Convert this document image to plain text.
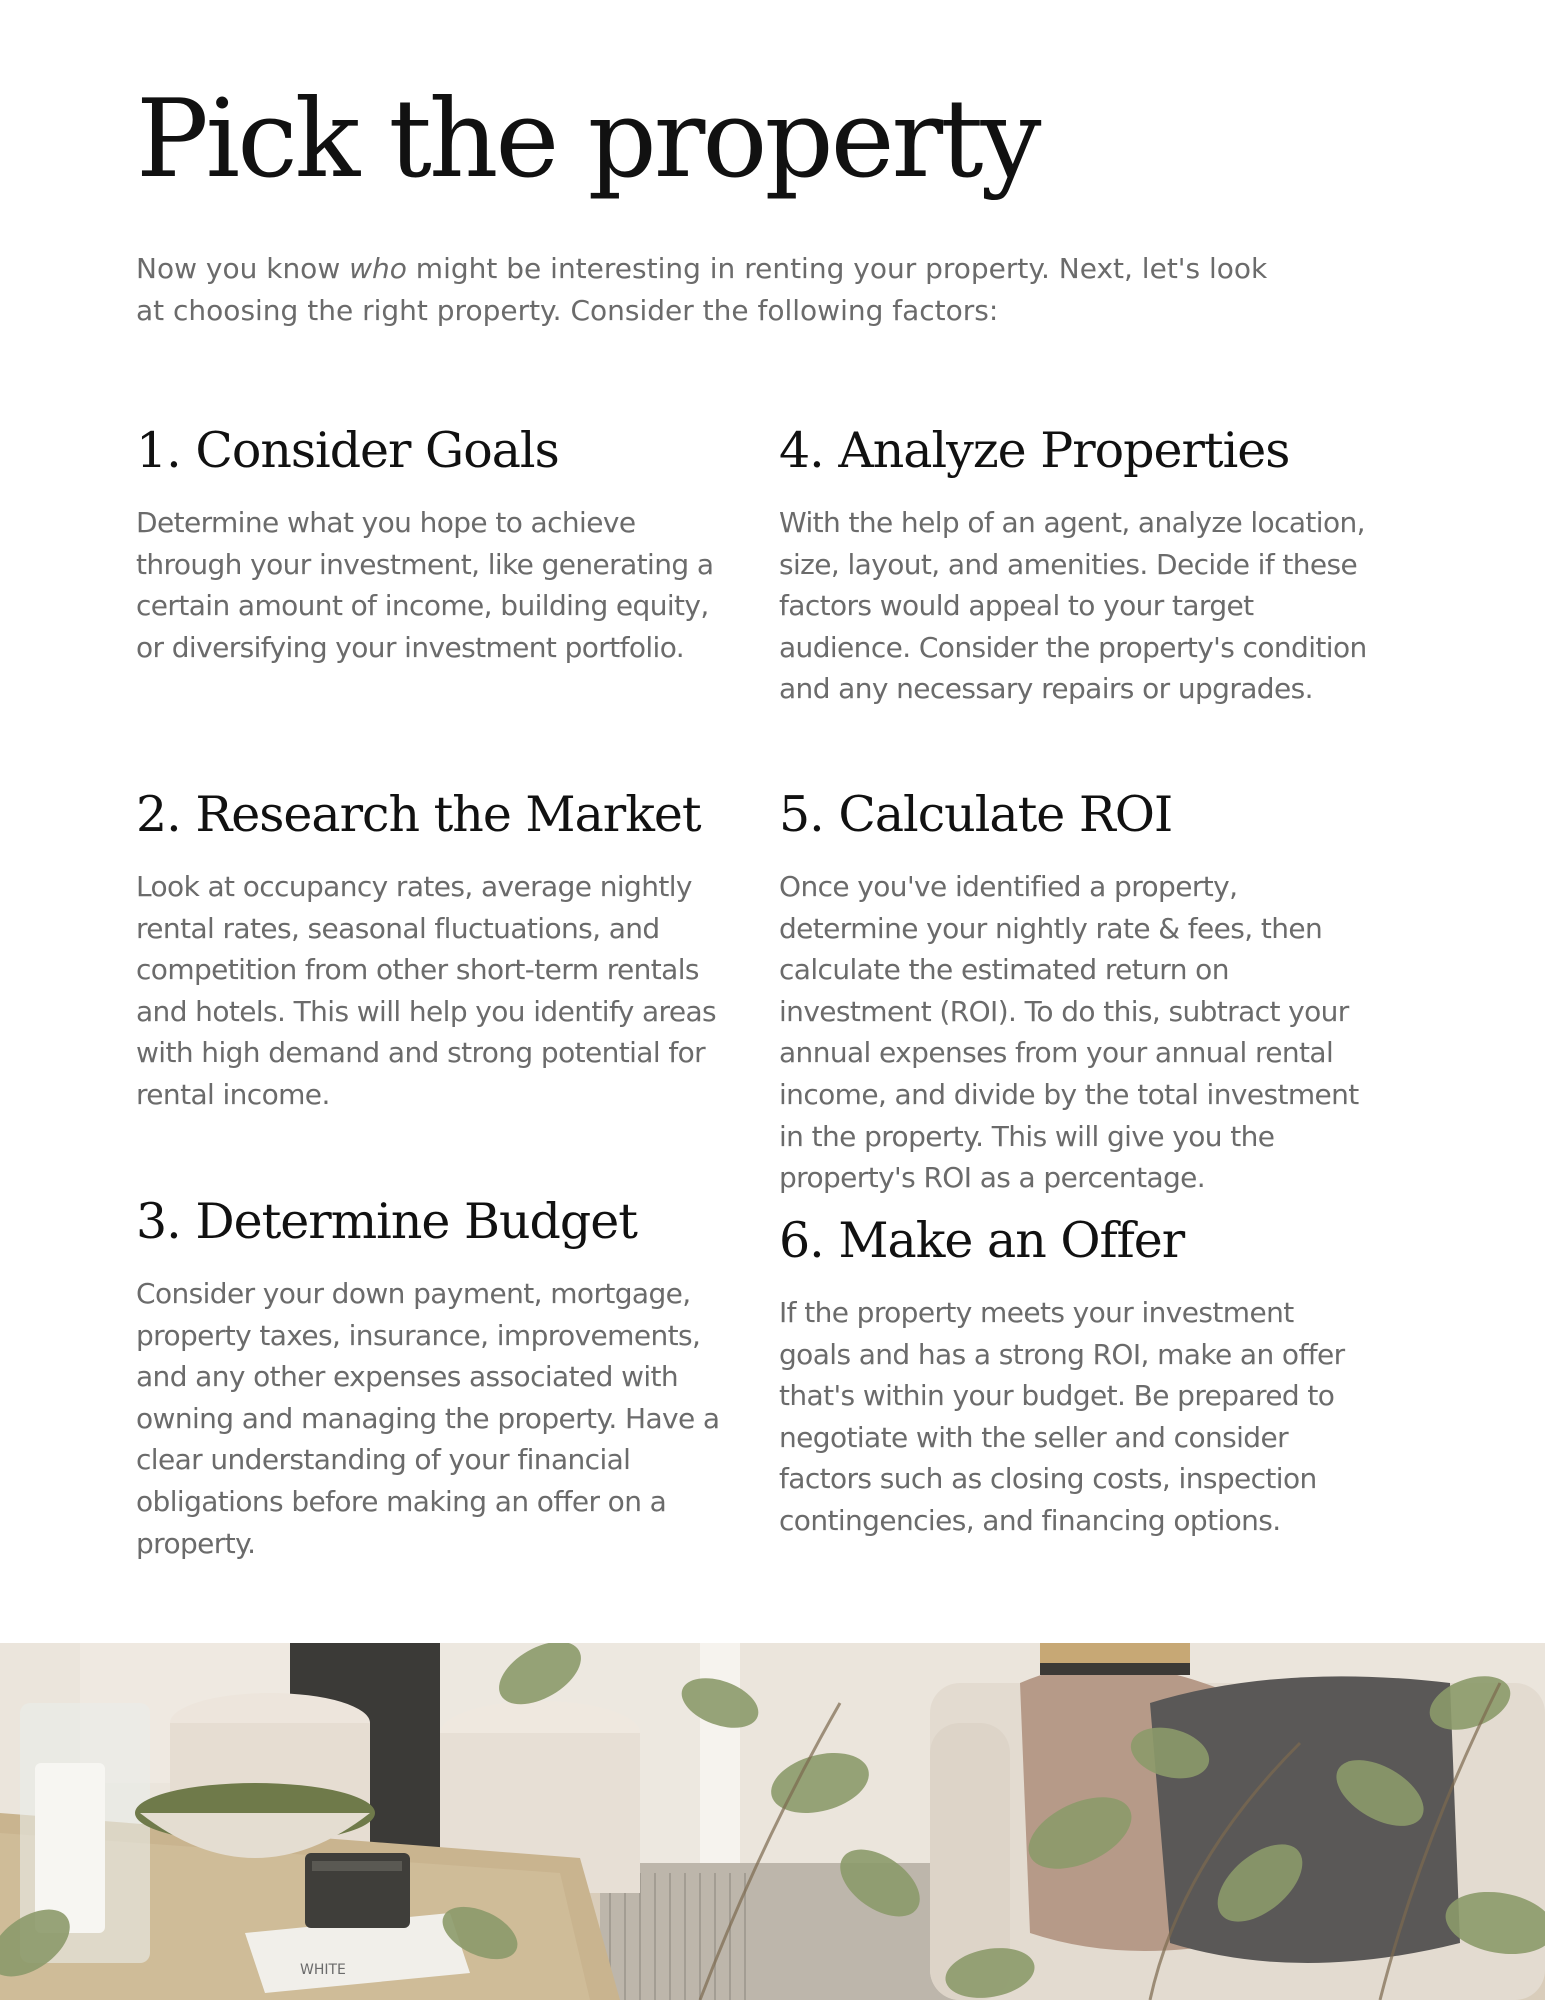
Pick the property

Now you know who might be interesting in renting your property. Next, let's look at choosing the right property. Consider the following factors:

1. Consider Goals

Determine what you hope to achieve through your investment, like generating a certain amount of income, building equity, or diversifying your investment portfolio.

2. Research the Market

Look at occupancy rates, average nightly rental rates, seasonal fluctuations, and competition from other short-term rentals and hotels. This will help you identify areas with high demand and strong potential for rental income.

3. Determine Budget

Consider your down payment, mortgage, property taxes, insurance, improvements, and any other expenses associated with owning and managing the property. Have a clear understanding of your financial obligations before making an offer on a property.

4. Analyze Properties

With the help of an agent, analyze location, size, layout, and amenities. Decide if these factors would appeal to your target audience. Consider the property's condition and any necessary repairs or upgrades.

5. Calculate ROI

Once you've identified a property, determine your nightly rate & fees, then calculate the estimated return on investment (ROI). To do this, subtract your annual expenses from your annual rental income, and divide by the total investment in the property. This will give you the property's ROI as a percentage.

6. Make an Offer

If the property meets your investment goals and has a strong ROI, make an offer that's within your budget. Be prepared to negotiate with the seller and consider factors such as closing costs, inspection contingencies, and financing options.

WHITE
